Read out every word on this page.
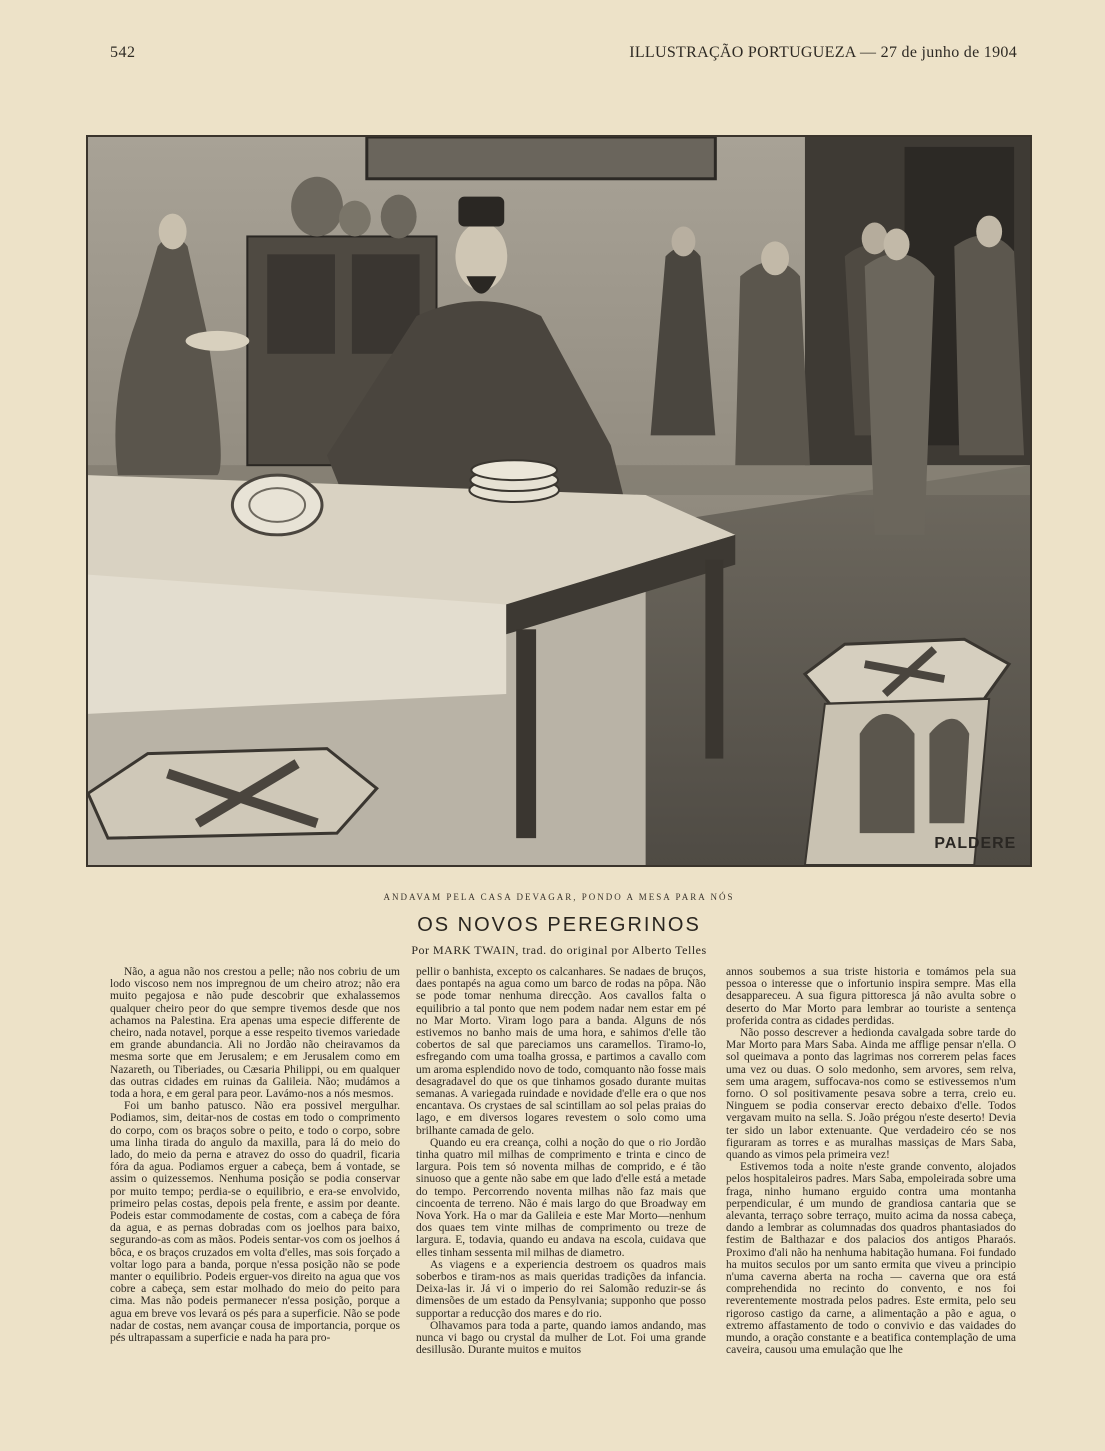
542	ILLUSTRAÇÃO PORTUGUEZA — 27 de junho de 1904
PALDERE
ANDAVAM PELA CASA DEVAGAR, PONDO A MESA PARA NÓS
OS NOVOS PEREGRINOS
Por MARK TWAIN, trad. do original por Alberto Telles

Não, a agua não nos crestou a pelle; não nos cobriu de um lodo viscoso nem nos impregnou de um cheiro atroz; não era muito pegajosa e não pude descobrir que exhalassemos qualquer cheiro peor do que sempre tivemos desde que nos achamos na Palestina. Era apenas uma especie differente de cheiro, nada notavel, porque a esse respeito tivemos variedade em grande abundancia. Ali no Jordão não cheiravamos da mesma sorte que em Jerusalem; e em Jerusalem como em Nazareth, ou Tiberiades, ou Cæsaria Philippi, ou em qualquer das outras cidades em ruinas da Galileia. Não; mudámos a toda a hora, e em geral para peor. Lavámo-nos a nós mesmos.

Foi um banho patusco. Não era possivel mergulhar. Podiamos, sim, deitar-nos de costas em todo o comprimento do corpo, com os braços sobre o peito, e todo o corpo, sobre uma linha tirada do angulo da maxilla, para lá do meio do lado, do meio da perna e atravez do osso do quadril, ficaria fóra da agua. Podiamos erguer a cabeça, bem á vontade, se assim o quizessemos. Nenhuma posição se podia conservar por muito tempo; perdia-se o equilibrio, e era-se envolvido, primeiro pelas costas, depois pela frente, e assim por deante. Podeis estar commodamente de costas, com a cabeça de fóra da agua, e as pernas dobradas com os joelhos para baixo, segurando-as com as mãos. Podeis sentar-vos com os joelhos á bôca, e os braços cruzados em volta d'elles, mas sois forçado a voltar logo para a banda, porque n'essa posição não se pode manter o equilibrio. Podeis erguer-vos direito na agua que vos cobre a cabeça, sem estar molhado do meio do peito para cima. Mas não podeis permanecer n'essa posição, porque a agua em breve vos levará os pés para a superficie. Não se pode nadar de costas, nem avançar cousa de importancia, porque os pés ultrapassam a superficie e nada ha para pro-

pellir o banhista, excepto os calcanhares. Se nadaes de bruços, daes pontapés na agua como um barco de rodas na pôpa. Não se pode tomar nenhuma direcção. Aos cavallos falta o equilibrio a tal ponto que nem podem nadar nem estar em pé no Mar Morto. Viram logo para a banda. Alguns de nós estivemos no banho mais de uma hora, e sahimos d'elle tão cobertos de sal que pareciamos uns caramellos. Tiramo-lo, esfregando com uma toalha grossa, e partimos a cavallo com um aroma esplendido novo de todo, comquanto não fosse mais desagradavel do que os que tinhamos gosado durante muitas semanas. A variegada ruindade e novidade d'elle era o que nos encantava. Os crystaes de sal scintillam ao sol pelas praias do lago, e em diversos logares revestem o solo como uma brilhante camada de gelo.

Quando eu era creança, colhi a noção do que o rio Jordão tinha quatro mil milhas de comprimento e trinta e cinco de largura. Pois tem só noventa milhas de comprido, e é tão sinuoso que a gente não sabe em que lado d'elle está a metade do tempo. Percorrendo noventa milhas não faz mais que cincoenta de terreno. Não é mais largo do que Broadway em Nova York. Ha o mar da Galileia e este Mar Morto—nenhum dos quaes tem vinte milhas de comprimento ou treze de largura. E, todavia, quando eu andava na escola, cuidava que elles tinham sessenta mil milhas de diametro.

As viagens e a experiencia destroem os quadros mais soberbos e tiram-nos as mais queridas tradições da infancia. Deixa-las ir. Já vi o imperio do rei Salomão reduzir-se ás dimensões de um estado da Pensylvania; supponho que posso supportar a reducção dos mares e do rio.

Olhavamos para toda a parte, quando iamos andando, mas nunca vi bago ou crystal da mulher de Lot. Foi uma grande desillusão. Durante muitos e muitos

annos soubemos a sua triste historia e tomámos pela sua pessoa o interesse que o infortunio inspira sempre. Mas ella desappareceu. A sua figura pittoresca já não avulta sobre o deserto do Mar Morto para lembrar ao touriste a sentença proferida contra as cidades perdidas.

Não posso descrever a hedionda cavalgada sobre tarde do Mar Morto para Mars Saba. Ainda me afflige pensar n'ella. O sol queimava a ponto das lagrimas nos correrem pelas faces uma vez ou duas. O solo medonho, sem arvores, sem relva, sem uma aragem, suffocava-nos como se estivessemos n'um forno. O sol positivamente pesava sobre a terra, creio eu. Ninguem se podia conservar erecto debaixo d'elle. Todos vergavam muito na sella. S. João prégou n'este deserto! Devia ter sido un labor extenuante. Que verdadeiro céo se nos figuraram as torres e as muralhas massiças de Mars Saba, quando as vimos pela primeira vez!

Estivemos toda a noite n'este grande convento, alojados pelos hospitaleiros padres. Mars Saba, empoleirada sobre uma fraga, ninho humano erguido contra uma montanha perpendicular, é um mundo de grandiosa cantaria que se alevanta, terraço sobre terraço, muito acima da nossa cabeça, dando a lembrar as columnadas dos quadros phantasiados do festim de Balthazar e dos palacios dos antigos Pharaós. Proximo d'ali não ha nenhuma habitação humana. Foi fundado ha muitos seculos por um santo ermita que viveu a principio n'uma caverna aberta na rocha — caverna que ora está comprehendida no recinto do convento, e nos foi reverentemente mostrada pelos padres. Este ermita, pelo seu rigoroso castigo da carne, a alimentação a pão e agua, o extremo affastamento de todo o convivio e das vaidades do mundo, a oração constante e a beatifica contemplação de uma caveira, causou uma emulação que lhe
